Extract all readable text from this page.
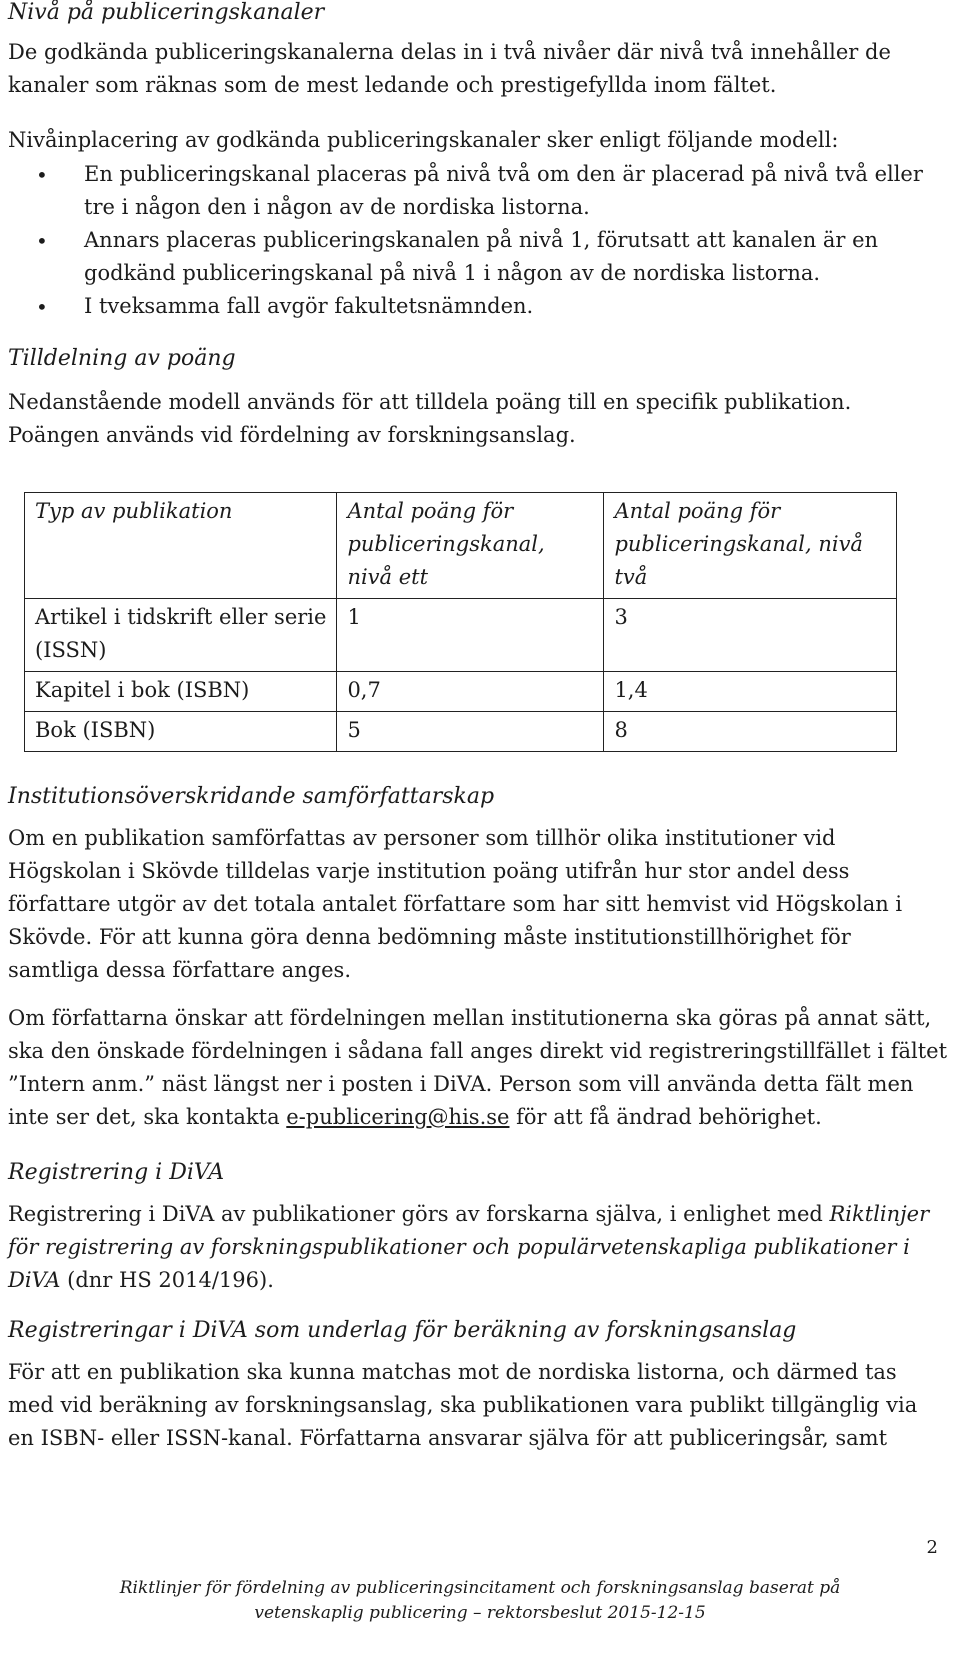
Nivå på publiceringskanaler

De godkända publiceringskanalerna delas in i två nivåer där nivå två innehåller de
kanaler som räknas som de mest ledande och prestigefyllda inom fältet.

Nivåinplacering av godkända publiceringskanaler sker enligt följande modell:

• En publiceringskanal placeras på nivå två om den är placerad på nivå två eller
tre i någon den i någon av de nordiska listorna.
• Annars placeras publiceringskanalen på nivå 1, förutsatt att kanalen är en
godkänd publiceringskanal på nivå 1 i någon av de nordiska listorna.
• I tveksamma fall avgör fakultetsnämnden.
Tilldelning av poäng

Nedanstående modell används för att tilldela poäng till en specifik publikation.
Poängen används vid fördelning av forskningsanslag.

Typ av publikation	Antal poäng för
publiceringskanal,
nivå ett	Antal poäng för
publiceringskanal, nivå
två

Artikel i tidskrift eller serie
(ISSN)	1	3

Kapitel i bok (ISBN)	0,7	1,4

Bok (ISBN)	5	8
Institutionsöverskridande samförfattarskap

Om en publikation samförfattas av personer som tillhör olika institutioner vid
Högskolan i Skövde tilldelas varje institution poäng utifrån hur stor andel dess
författare utgör av det totala antalet författare som har sitt hemvist vid Högskolan i
Skövde. För att kunna göra denna bedömning måste institutionstillhörighet för
samtliga dessa författare anges.

Om författarna önskar att fördelningen mellan institutionerna ska göras på annat sätt,
ska den önskade fördelningen i sådana fall anges direkt vid registreringstillfället i fältet
”Intern anm.” näst längst ner i posten i DiVA. Person som vill använda detta fält men
inte ser det, ska kontakta e-publicering@his.se för att få ändrad behörighet.

Registrering i DiVA

Registrering i DiVA av publikationer görs av forskarna själva, i enlighet med Riktlinjer
för registrering av forskningspublikationer och populärvetenskapliga publikationer i
DiVA (dnr HS 2014/196).

Registreringar i DiVA som underlag för beräkning av forskningsanslag

För att en publikation ska kunna matchas mot de nordiska listorna, och därmed tas
med vid beräkning av forskningsanslag, ska publikationen vara publikt tillgänglig via
en ISBN- eller ISSN-kanal. Författarna ansvarar själva för att publiceringsår, samt

2
Riktlinjer för fördelning av publiceringsincitament och forskningsanslag baserat på
vetenskaplig publicering – rektorsbeslut 2015-12-15
